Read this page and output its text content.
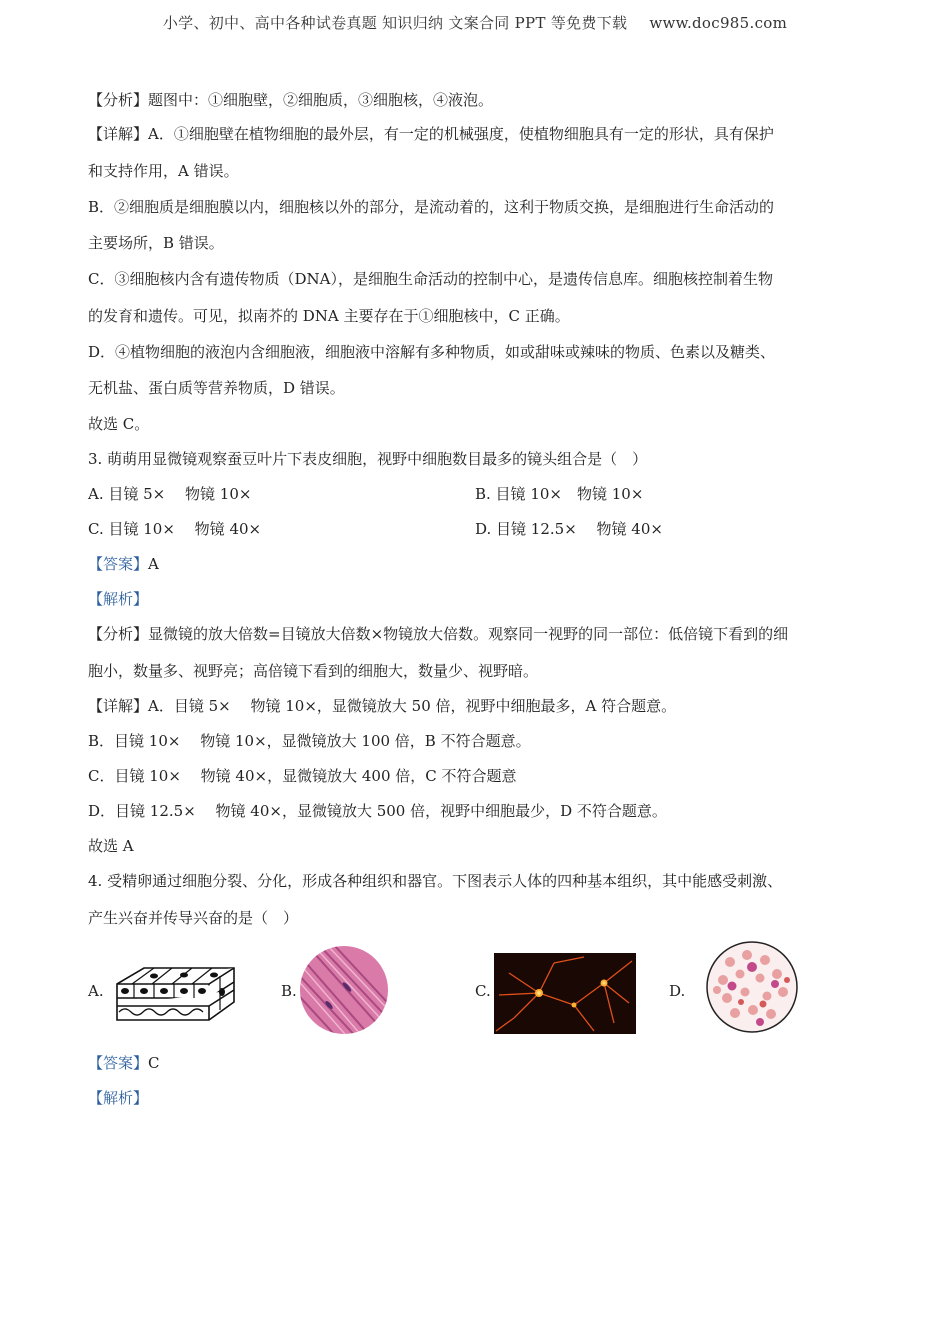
小学、初中、高中各种试卷真题 知识归纳 文案合同 PPT 等免费下载 www.doc985.com
【分析】题图中：①细胞壁，②细胞质，③细胞核，④液泡。
【详解】A．①细胞壁在植物细胞的最外层，有一定的机械强度，使植物细胞具有一定的形状，具有保护
和支持作用，A 错误。
B．②细胞质是细胞膜以内，细胞核以外的部分，是流动着的，这利于物质交换，是细胞进行生命活动的
主要场所，B 错误。
C．③细胞核内含有遗传物质（DNA），是细胞生命活动的控制中心，是遗传信息库。细胞核控制着生物
的发育和遗传。可见，拟南芥的 DNA 主要存在于①细胞核中，C 正确。
D．④植物细胞的液泡内含细胞液，细胞液中溶解有多种物质，如或甜味或辣味的物质、色素以及糖类、
无机盐、蛋白质等营养物质，D 错误。
故选 C。
3. 萌萌用显微镜观察蚕豆叶片下表皮细胞，视野中细胞数目最多的镜头组合是（　）
A. 目镜 5×　 物镜 10×	B. 目镜 10×　物镜 10×
C. 目镜 10×　 物镜 40×	D. 目镜 12.5×　 物镜 40×
【答案】A
【解析】
【分析】显微镜的放大倍数=目镜放大倍数×物镜放大倍数。观察同一视野的同一部位：低倍镜下看到的细
胞小，数量多、视野亮；高倍镜下看到的细胞大，数量少、视野暗。
【详解】A．目镜 5×　 物镜 10×，显微镜放大 50 倍，视野中细胞最多，A 符合题意。
B．目镜 10×　 物镜 10×，显微镜放大 100 倍，B 不符合题意。
C．目镜 10×　 物镜 40×，显微镜放大 400 倍，C 不符合题意
D．目镜 12.5×　 物镜 40×，显微镜放大 500 倍，视野中细胞最少，D 不符合题意。
故选 A
4. 受精卵通过细胞分裂、分化，形成各种组织和器官。下图表示人体的四种基本组织，其中能感受刺激、
产生兴奋并传导兴奋的是（　）
A.	B.	C.	D.
【答案】C
【解析】
